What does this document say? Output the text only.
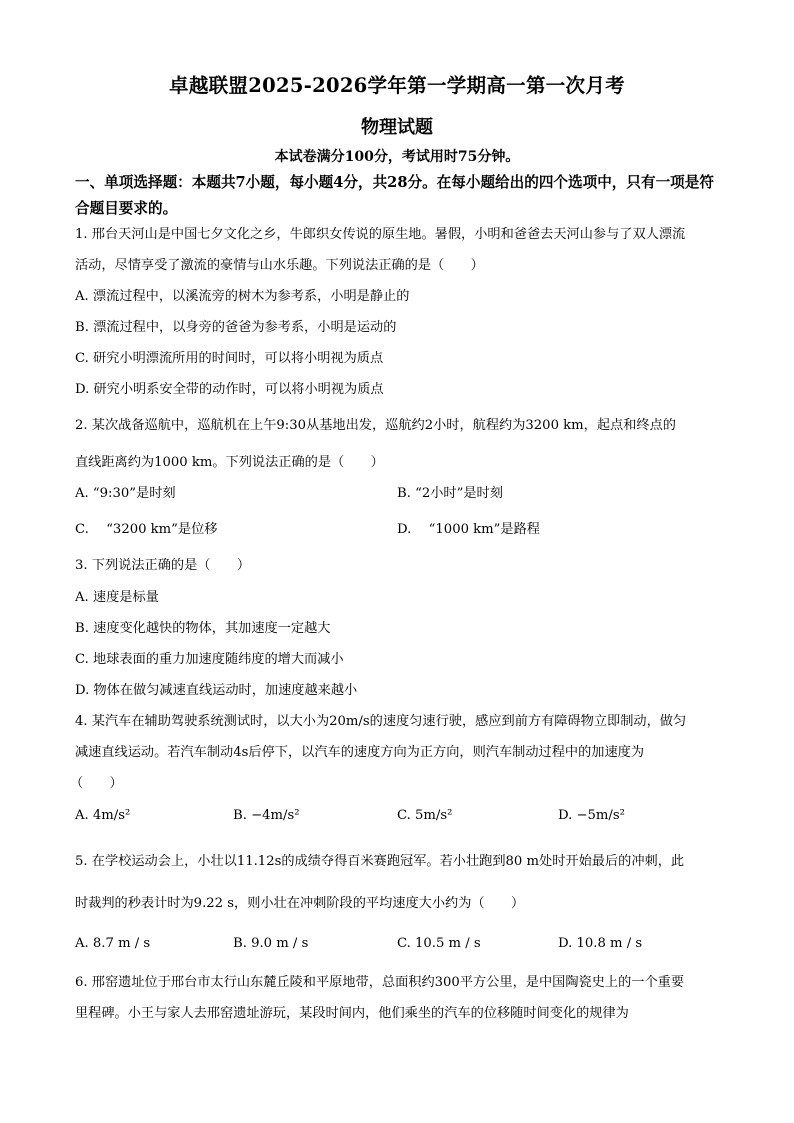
卓越联盟2025-2026学年第一学期高一第一次月考
物理试题
本试卷满分100分，考试用时75分钟。
一、单项选择题：本题共7小题，每小题4分，共28分。在每小题给出的四个选项中，只有一项是符合题目要求的。
1. 邢台天河山是中国七夕文化之乡，牛郎织女传说的原生地。暑假，小明和爸爸去天河山参与了双人漂流
活动，尽情享受了激流的豪情与山水乐趣。下列说法正确的是（　　）
A. 漂流过程中，以溪流旁的树木为参考系，小明是静止的
B. 漂流过程中，以身旁的爸爸为参考系，小明是运动的
C. 研究小明漂流所用的时间时，可以将小明视为质点
D. 研究小明系安全带的动作时，可以将小明视为质点
2. 某次战备巡航中，巡航机在上午9:30从基地出发，巡航约2小时，航程约为3200 km，起点和终点的
直线距离约为1000 km。下列说法正确的是（　　）
A. “9:30”是时刻	B. “2小时”是时刻
C. 　“3200 km”是位移	D. 　“1000 km”是路程
3. 下列说法正确的是（　　）
A. 速度是标量
B. 速度变化越快的物体，其加速度一定越大
C. 地球表面的重力加速度随纬度的增大而减小
D. 物体在做匀减速直线运动时，加速度越来越小
4. 某汽车在辅助驾驶系统测试时，以大小为20m/s的速度匀速行驶，感应到前方有障碍物立即制动，做匀
减速直线运动。若汽车制动4s后停下，以汽车的速度方向为正方向，则汽车制动过程中的加速度为
（　　）
A. 4m/s²	B. −4m/s²	C. 5m/s²	D. −5m/s²
5. 在学校运动会上，小壮以11.12s的成绩夺得百米赛跑冠军。若小壮跑到80 m处时开始最后的冲刺，此
时裁判的秒表计时为9.22 s，则小壮在冲刺阶段的平均速度大小约为（　　）
A. 8.7 m / s	B. 9.0 m / s	C. 10.5 m / s	D. 10.8 m / s
6. 邢窑遗址位于邢台市太行山东麓丘陵和平原地带，总面积约300平方公里，是中国陶瓷史上的一个重要
里程碑。小王与家人去邢窑遗址游玩，某段时间内，他们乘坐的汽车的位移随时间变化的规律为
